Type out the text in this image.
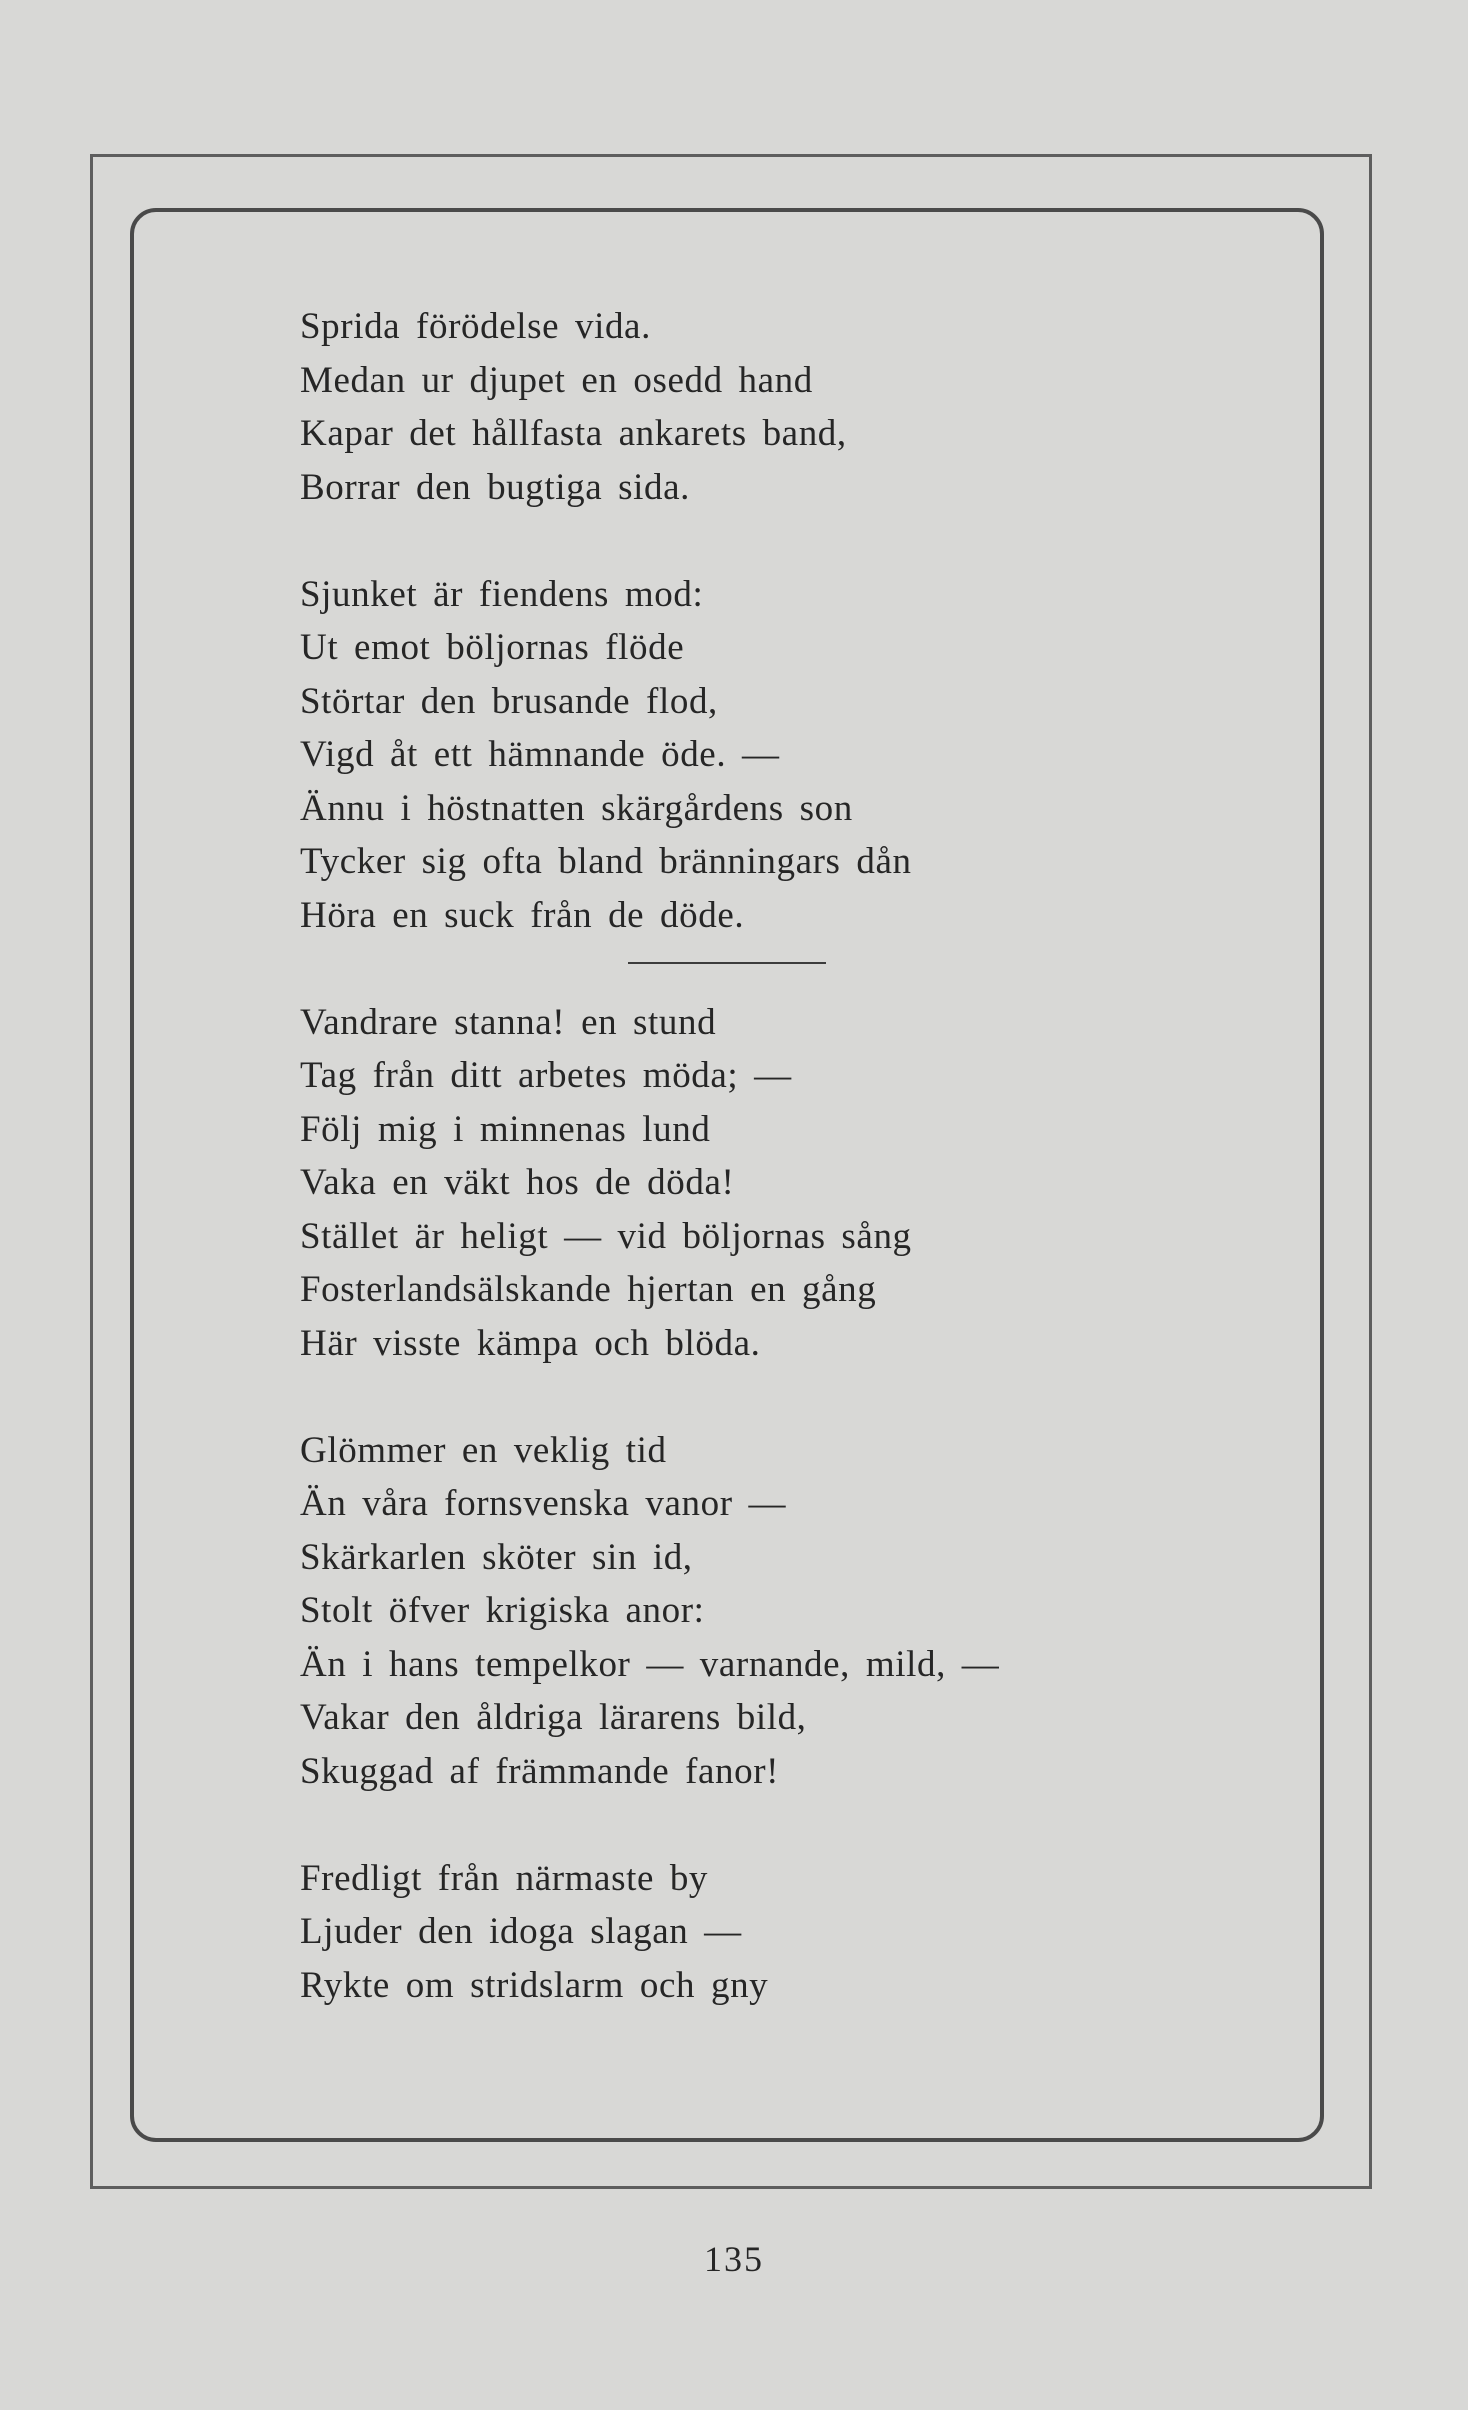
Sprida förödelse vida.
Medan ur djupet en osedd hand
Kapar det hållfasta ankarets band,
Borrar den bugtiga sida.
Sjunket är fiendens mod:
Ut emot böljornas flöde
Störtar den brusande flod,
Vigd åt ett hämnande öde. —
Ännu i höstnatten skärgårdens son
Tycker sig ofta bland bränningars dån
Höra en suck från de döde.
Vandrare stanna! en stund
Tag från ditt arbetes möda; —
Följ mig i minnenas lund
Vaka en väkt hos de döda!
Stället är heligt — vid böljornas sång
Fosterlandsälskande hjertan en gång
Här visste kämpa och blöda.
Glömmer en veklig tid
Än våra fornsvenska vanor —
Skärkarlen sköter sin id,
Stolt öfver krigiska anor:
Än i hans tempelkor — varnande, mild, —
Vakar den åldriga lärarens bild,
Skuggad af främmande fanor!
Fredligt från närmaste by
Ljuder den idoga slagan —
Rykte om stridslarm och gny
135
